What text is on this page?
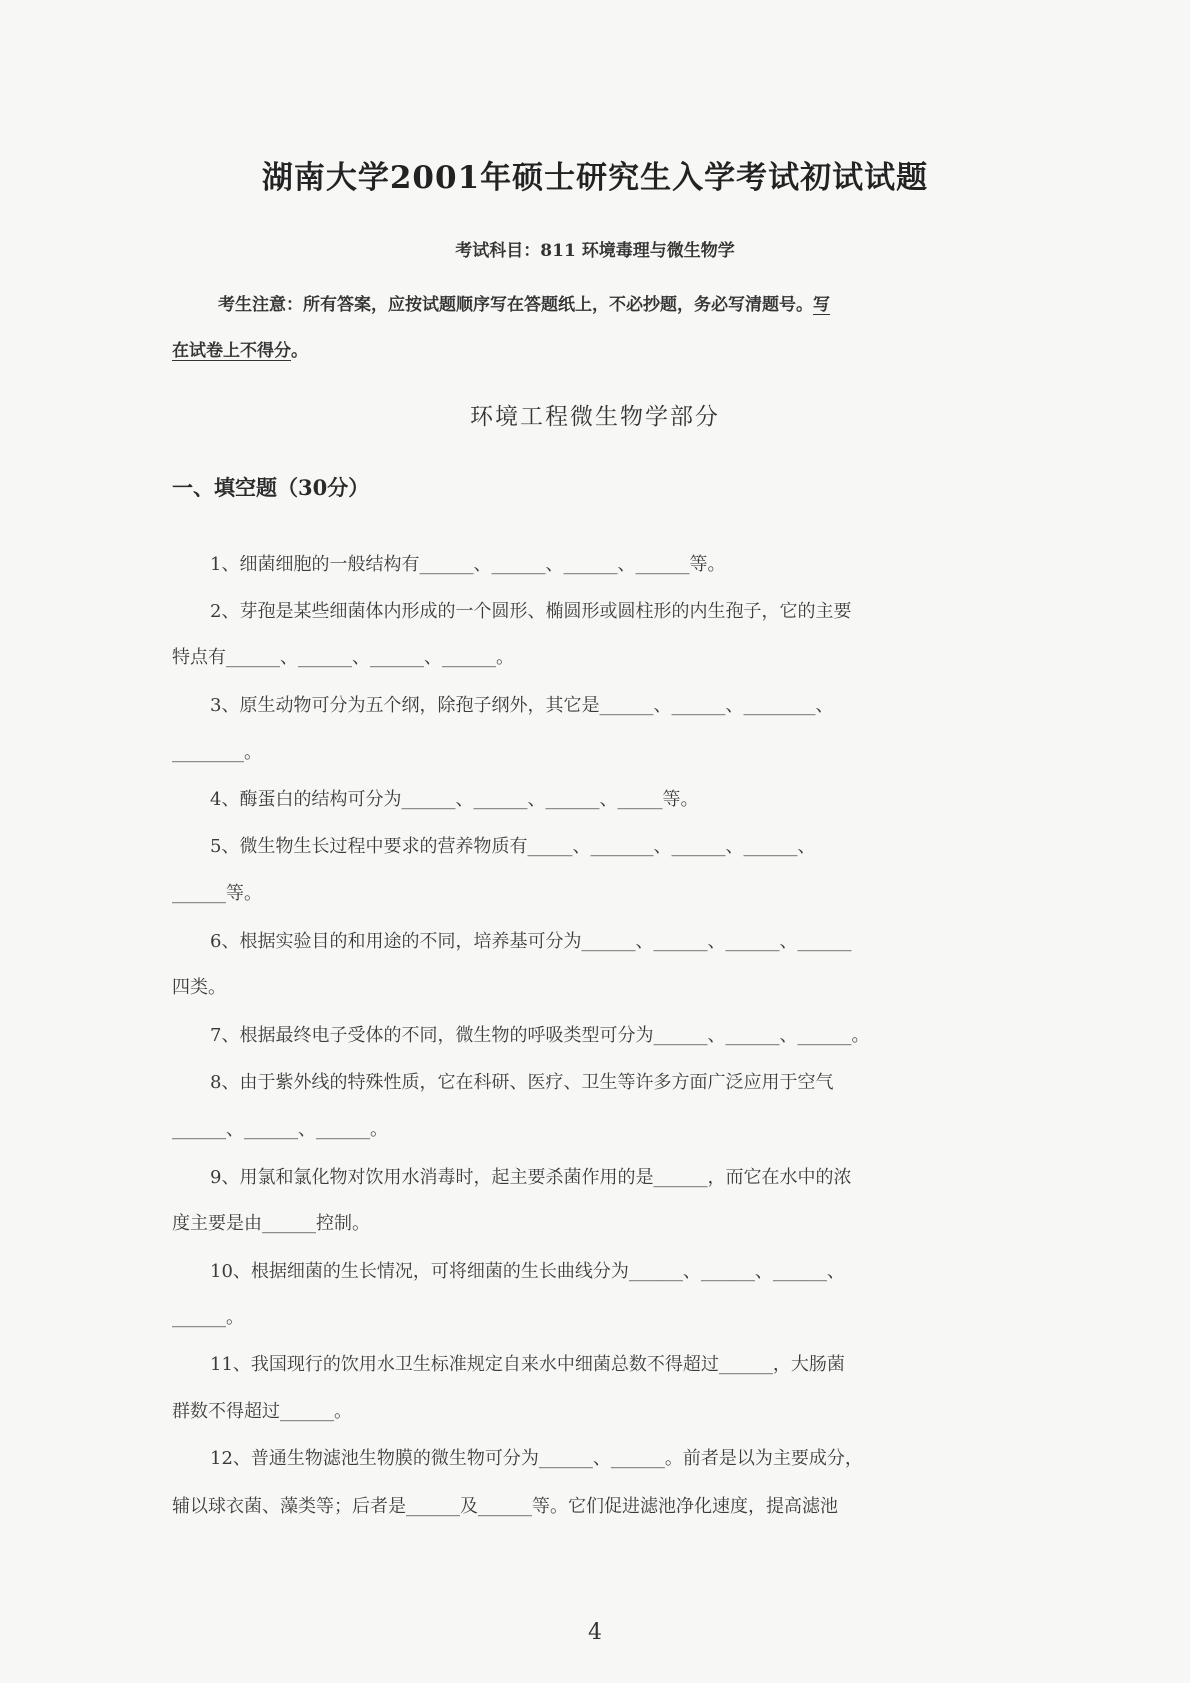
湖南大学2001年硕士研究生入学考试初试试题
考试科目：811 环境毒理与微生物学
考生注意：所有答案，应按试题顺序写在答题纸上，不必抄题，务必写清题号。写
在试卷上不得分。
环境工程微生物学部分
一、填空题（30分）
1、细菌细胞的一般结构有______、______、______、______等。
2、芽孢是某些细菌体内形成的一个圆形、椭圆形或圆柱形的内生孢子，它的主要
特点有______、______、______、______。
3、原生动物可分为五个纲，除孢子纲外，其它是______、______、________、
________。
4、酶蛋白的结构可分为______、______、______、_____等。
5、微生物生长过程中要求的营养物质有_____、_______、______、______、
______等。
6、根据实验目的和用途的不同，培养基可分为______、______、______、______
四类。
7、根据最终电子受体的不同，微生物的呼吸类型可分为______、______、______。
8、由于紫外线的特殊性质，它在科研、医疗、卫生等许多方面广泛应用于空气
______、______、______。
9、用氯和氯化物对饮用水消毒时，起主要杀菌作用的是______，而它在水中的浓
度主要是由______控制。
10、根据细菌的生长情况，可将细菌的生长曲线分为______、______、______、
______。
11、我国现行的饮用水卫生标准规定自来水中细菌总数不得超过______，大肠菌
群数不得超过______。
12、普通生物滤池生物膜的微生物可分为______、______。前者是以为主要成分，
辅以球衣菌、藻类等；后者是______及______等。它们促进滤池净化速度，提高滤池
4
